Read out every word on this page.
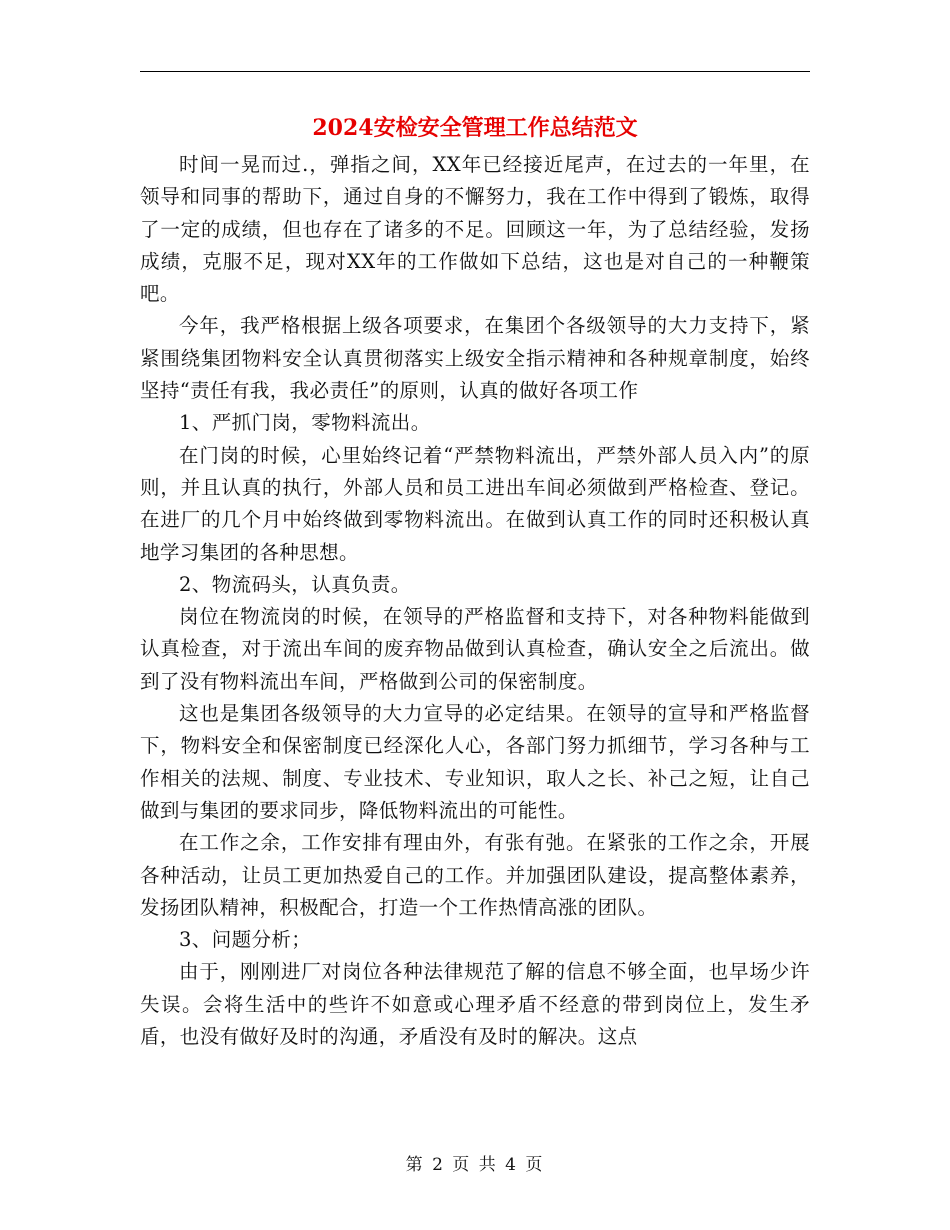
2024安检安全管理工作总结范文

时间一晃而过.，弹指之间，XX年已经接近尾声，在过去的一年里，在领导和同事的帮助下，通过自身的不懈努力，我在工作中得到了锻炼，取得了一定的成绩，但也存在了诸多的不足。回顾这一年，为了总结经验，发扬成绩，克服不足，现对XX年的工作做如下总结，这也是对自己的一种鞭策吧。

今年，我严格根据上级各项要求，在集团个各级领导的大力支持下，紧紧围绕集团物料安全认真贯彻落实上级安全指示精神和各种规章制度，始终坚持“责任有我，我必责任”的原则，认真的做好各项工作

1、严抓门岗，零物料流出。

在门岗的时候，心里始终记着“严禁物料流出，严禁外部人员入内”的原则，并且认真的执行，外部人员和员工进出车间必须做到严格检查、登记。在进厂的几个月中始终做到零物料流出。在做到认真工作的同时还积极认真地学习集团的各种思想。

2、物流码头，认真负责。

岗位在物流岗的时候，在领导的严格监督和支持下，对各种物料能做到认真检查，对于流出车间的废弃物品做到认真检查，确认安全之后流出。做到了没有物料流出车间，严格做到公司的保密制度。

这也是集团各级领导的大力宣导的必定结果。在领导的宣导和严格监督下，物料安全和保密制度已经深化人心，各部门努力抓细节，学习各种与工作相关的法规、制度、专业技术、专业知识，取人之长、补己之短，让自己做到与集团的要求同步，降低物料流出的可能性。

在工作之余，工作安排有理由外，有张有弛。在紧张的工作之余，开展各种活动，让员工更加热爱自己的工作。并加强团队建设，提高整体素养，发扬团队精神，积极配合，打造一个工作热情高涨的团队。

3、问题分析；

由于，刚刚进厂对岗位各种法律规范了解的信息不够全面，也早场少许失误。会将生活中的些许不如意或心理矛盾不经意的带到岗位上，发生矛盾，也没有做好及时的沟通，矛盾没有及时的解决。这点

第 2 页 共 4 页
